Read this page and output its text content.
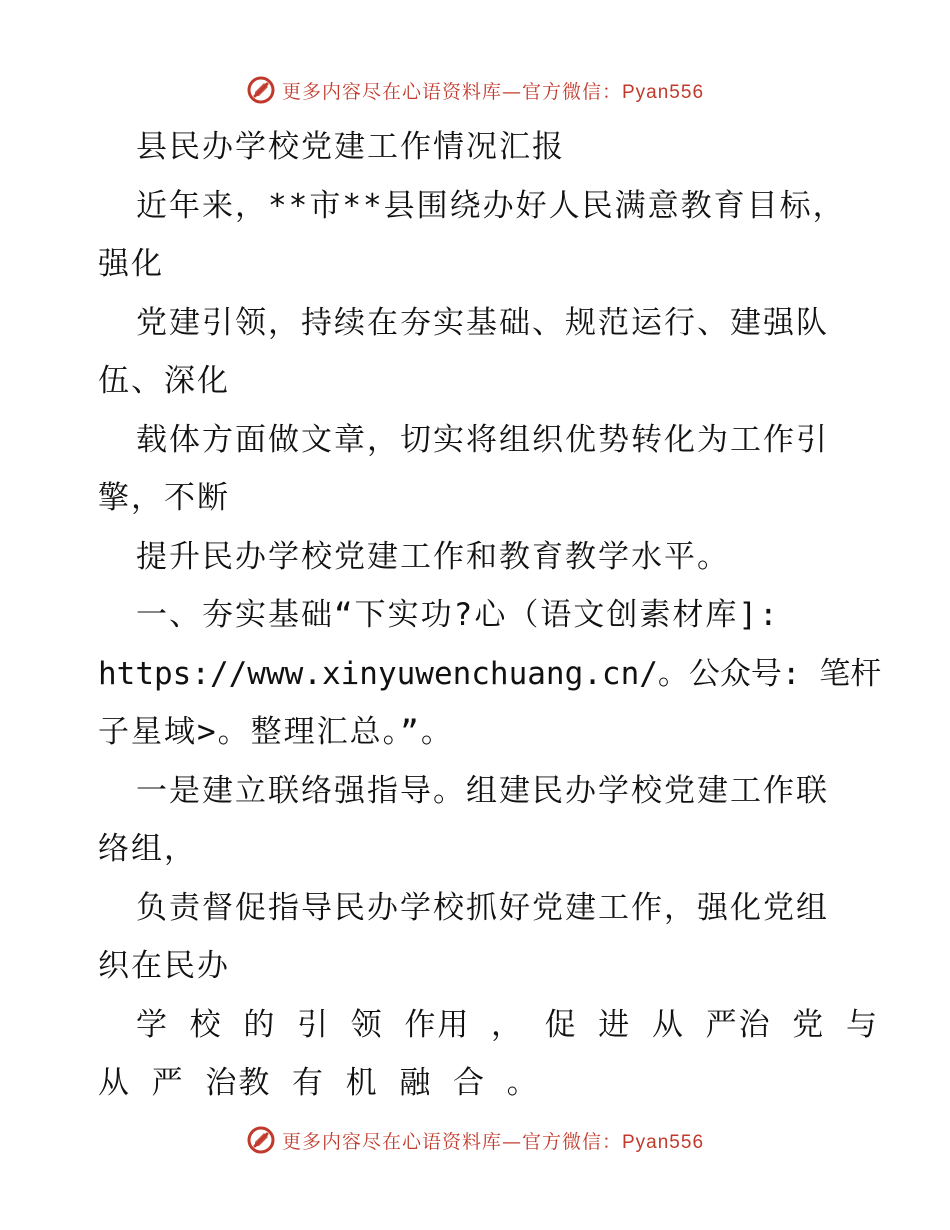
更多内容尽在心语资料库—官方微信：Pyan556
县民办学校党建工作情况汇报
近年来，**市**县围绕办好人民满意教育目标，
强化
党建引领，持续在夯实基础、规范运行、建强队
伍、深化
载体方面做文章，切实将组织优势转化为工作引
擎，不断
提升民办学校党建工作和教育教学水平。
一、夯实基础“下实功?心（语文创素材库]:
https://www.xinyuwenchuang.cn/。公众号: 笔杆
子星域>。整理汇总。”。
一是建立联络强指导。组建民办学校党建工作联
络组，
负责督促指导民办学校抓好党建工作，强化党组
织在民办
学 校 的 引 领 作用 ， 促 进 从 严治 党 与
从 严 治教 有 机 融 合 。
更多内容尽在心语资料库—官方微信：Pyan556
